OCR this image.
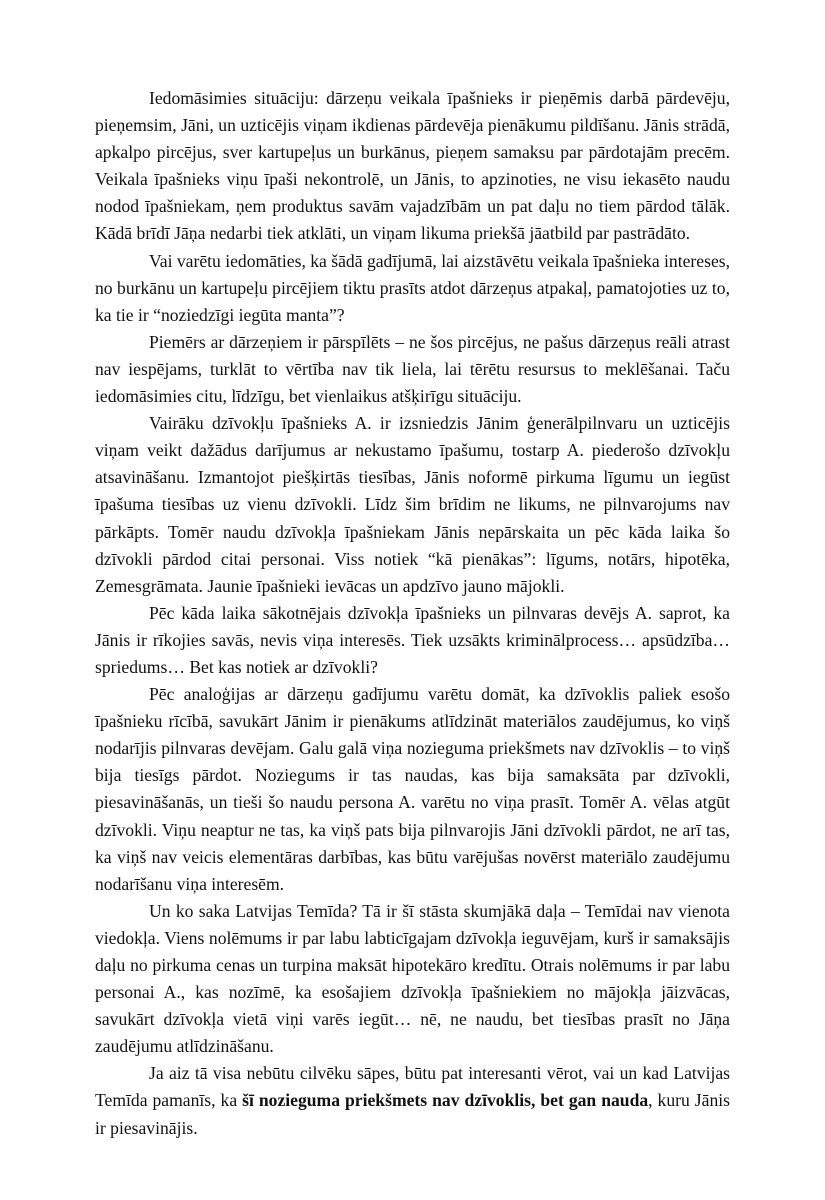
Iedomāsimies situāciju: dārzeņu veikala īpašnieks ir pieņēmis darbā pārdevēju, pieņemsim, Jāni, un uzticējis viņam ikdienas pārdevēja pienākumu pildīšanu. Jānis strādā, apkalpo pircējus, sver kartupeļus un burkānus, pieņem samaksu par pārdotajām precēm. Veikala īpašnieks viņu īpaši nekontrolē, un Jānis, to apzinoties, ne visu iekasēto naudu nodod īpašniekam, ņem produktus savām vajadzībām un pat daļu no tiem pārdod tālāk. Kādā brīdī Jāņa nedarbi tiek atklāti, un viņam likuma priekšā jāatbild par pastrādāto.

Vai varētu iedomāties, ka šādā gadījumā, lai aizstāvētu veikala īpašnieka intereses, no burkānu un kartupeļu pircējiem tiktu prasīts atdot dārzeņus atpakaļ, pamatojoties uz to, ka tie ir “noziedzīgi iegūta manta”?

Piemērs ar dārzeņiem ir pārspīlēts – ne šos pircējus, ne pašus dārzeņus reāli atrast nav iespējams, turklāt to vērtība nav tik liela, lai tērētu resursus to meklēšanai. Taču iedomāsimies citu, līdzīgu, bet vienlaikus atšķirīgu situāciju.

Vairāku dzīvokļu īpašnieks A. ir izsniedzis Jānim ģenerālpilnvaru un uzticējis viņam veikt dažādus darījumus ar nekustamo īpašumu, tostarp A. piederošo dzīvokļu atsavināšanu. Izmantojot piešķirtās tiesības, Jānis noformē pirkuma līgumu un iegūst īpašuma tiesības uz vienu dzīvokli. Līdz šim brīdim ne likums, ne pilnvarojums nav pārkāpts. Tomēr naudu dzīvokļa īpašniekam Jānis nepārskaita un pēc kāda laika šo dzīvokli pārdod citai personai. Viss notiek “kā pienākas”: līgums, notārs, hipotēka, Zemesgrāmata. Jaunie īpašnieki ievācas un apdzīvo jauno mājokli.

Pēc kāda laika sākotnējais dzīvokļa īpašnieks un pilnvaras devējs A. saprot, ka Jānis ir rīkojies savās, nevis viņa interesēs. Tiek uzsākts kriminālprocess… apsūdzība… spriedums… Bet kas notiek ar dzīvokli?

Pēc analoģijas ar dārzeņu gadījumu varētu domāt, ka dzīvoklis paliek esošo īpašnieku rīcībā, savukārt Jānim ir pienākums atlīdzināt materiālos zaudējumus, ko viņš nodarījis pilnvaras devējam. Galu galā viņa nozieguma priekšmets nav dzīvoklis – to viņš bija tiesīgs pārdot. Noziegums ir tas naudas, kas bija samaksāta par dzīvokli, piesavināšanās, un tieši šo naudu persona A. varētu no viņa prasīt. Tomēr A. vēlas atgūt dzīvokli. Viņu neaptur ne tas, ka viņš pats bija pilnvarojis Jāni dzīvokli pārdot, ne arī tas, ka viņš nav veicis elementāras darbības, kas būtu varējušas novērst materiālo zaudējumu nodarīšanu viņa interesēm.

Un ko saka Latvijas Temīda? Tā ir šī stāsta skumjākā daļa – Temīdai nav vienota viedokļa. Viens nolēmums ir par labu labticīgajam dzīvokļa ieguvējam, kurš ir samaksājis daļu no pirkuma cenas un turpina maksāt hipotekāro kredītu. Otrais nolēmums ir par labu personai A., kas nozīmē, ka esošajiem dzīvokļa īpašniekiem no mājokļa jāizvācas, savukārt dzīvokļa vietā viņi varēs iegūt… nē, ne naudu, bet tiesības prasīt no Jāņa zaudējumu atlīdzināšanu.

Ja aiz tā visa nebūtu cilvēku sāpes, būtu pat interesanti vērot, vai un kad Latvijas Temīda pamanīs, ka šī nozieguma priekšmets nav dzīvoklis, bet gan nauda, kuru Jānis ir piesavinājis.
